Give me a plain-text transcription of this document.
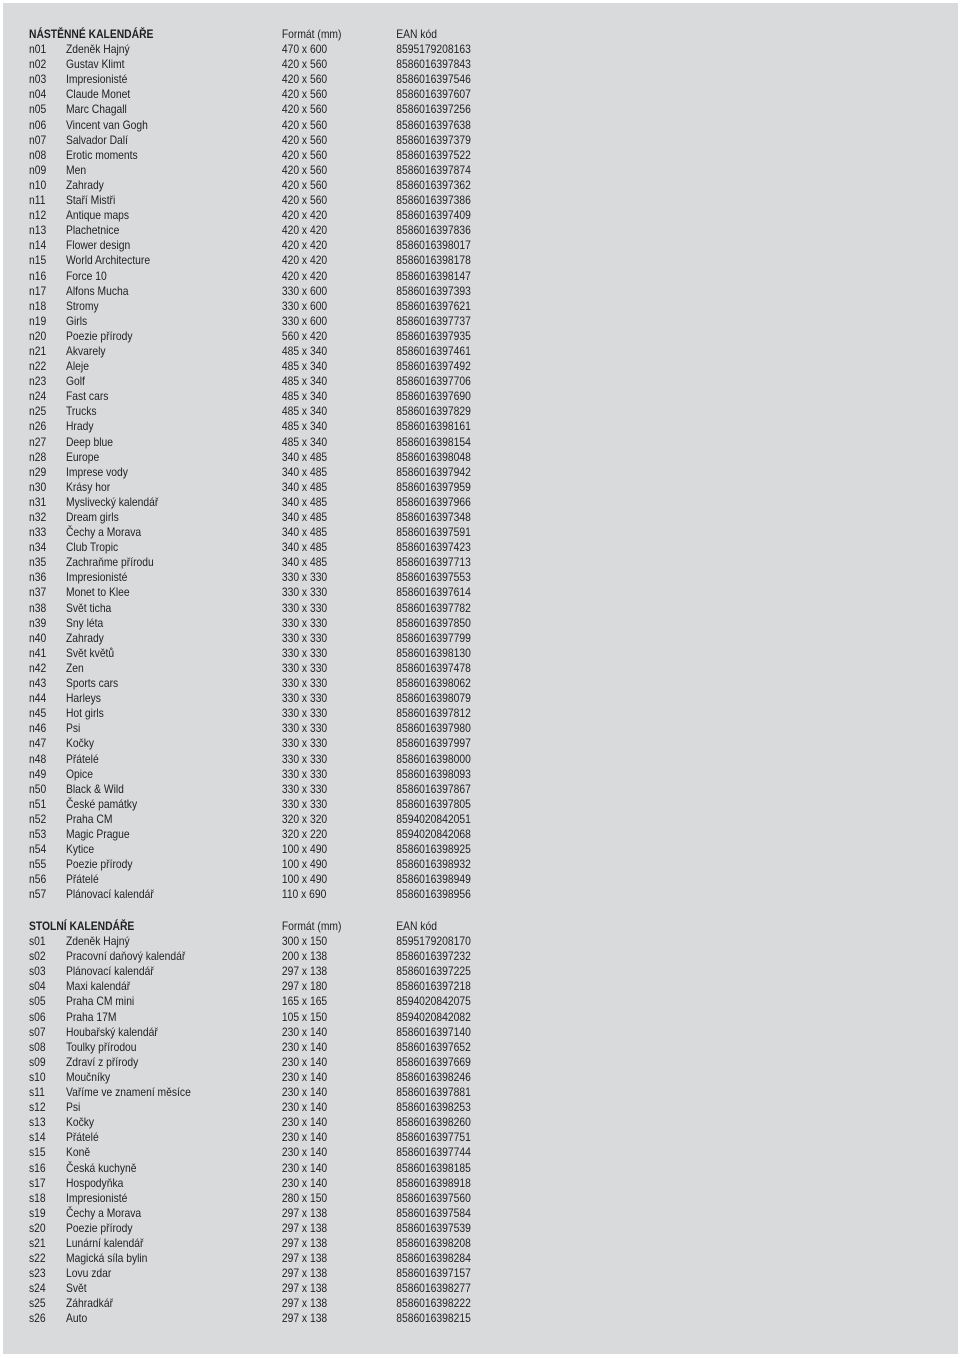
NÁSTĚNNÉ KALENDÁŘE	Formát (mm)	EAN kód
n01 Zdeněk Hajný	470 x 600	8595179208163
n02 Gustav Klimt	420 x 560	8586016397843
n03 Impresionisté	420 x 560	8586016397546
n04 Claude Monet	420 x 560	8586016397607
n05 Marc Chagall	420 x 560	8586016397256
n06 Vincent van Gogh	420 x 560	8586016397638
n07 Salvador Dalí	420 x 560	8586016397379
n08 Erotic moments	420 x 560	8586016397522
n09 Men	420 x 560	8586016397874
n10 Zahrady	420 x 560	8586016397362
n11 Staří Mistři	420 x 560	8586016397386
n12 Antique maps	420 x 420	8586016397409
n13 Plachetnice	420 x 420	8586016397836
n14 Flower design	420 x 420	8586016398017
n15 World Architecture	420 x 420	8586016398178
n16 Force 10	420 x 420	8586016398147
n17 Alfons Mucha	330 x 600	8586016397393
n18 Stromy	330 x 600	8586016397621
n19 Girls	330 x 600	8586016397737
n20 Poezie přírody	560 x 420	8586016397935
n21 Akvarely	485 x 340	8586016397461
n22 Aleje	485 x 340	8586016397492
n23 Golf	485 x 340	8586016397706
n24 Fast cars	485 x 340	8586016397690
n25 Trucks	485 x 340	8586016397829
n26 Hrady	485 x 340	8586016398161
n27 Deep blue	485 x 340	8586016398154
n28 Europe	340 x 485	8586016398048
n29 Imprese vody	340 x 485	8586016397942
n30 Krásy hor	340 x 485	8586016397959
n31 Myslivecký kalendář	340 x 485	8586016397966
n32 Dream girls	340 x 485	8586016397348
n33 Čechy a Morava	340 x 485	8586016397591
n34 Club Tropic	340 x 485	8586016397423
n35 Zachraňme přírodu	340 x 485	8586016397713
n36 Impresionisté	330 x 330	8586016397553
n37 Monet to Klee	330 x 330	8586016397614
n38 Svět ticha	330 x 330	8586016397782
n39 Sny léta	330 x 330	8586016397850
n40 Zahrady	330 x 330	8586016397799
n41 Svět květů	330 x 330	8586016398130
n42 Zen	330 x 330	8586016397478
n43 Sports cars	330 x 330	8586016398062
n44 Harleys	330 x 330	8586016398079
n45 Hot girls	330 x 330	8586016397812
n46 Psi	330 x 330	8586016397980
n47 Kočky	330 x 330	8586016397997
n48 Přátelé	330 x 330	8586016398000
n49 Opice	330 x 330	8586016398093
n50 Black & Wild	330 x 330	8586016397867
n51 České památky	330 x 330	8586016397805
n52 Praha CM	320 x 320	8594020842051
n53 Magic Prague	320 x 220	8594020842068
n54 Kytice	100 x 490	8586016398925
n55 Poezie přírody	100 x 490	8586016398932
n56 Přátelé	100 x 490	8586016398949
n57 Plánovací kalendář	110 x 690	8586016398956
STOLNÍ KALENDÁŘE	Formát (mm)	EAN kód
s01 Zdeněk Hajný	300 x 150	8595179208170
s02 Pracovní daňový kalendář	200 x 138	8586016397232
s03 Plánovací kalendář	297 x 138	8586016397225
s04 Maxi kalendář	297 x 180	8586016397218
s05 Praha CM mini	165 x 165	8594020842075
s06 Praha 17M	105 x 150	8594020842082
s07 Houbařský kalendář	230 x 140	8586016397140
s08 Toulky přírodou	230 x 140	8586016397652
s09 Zdraví z přírody	230 x 140	8586016397669
s10 Moučníky	230 x 140	8586016398246
s11 Vaříme ve znamení měsíce	230 x 140	8586016397881
s12 Psi	230 x 140	8586016398253
s13 Kočky	230 x 140	8586016398260
s14 Přátelé	230 x 140	8586016397751
s15 Koně	230 x 140	8586016397744
s16 Česká kuchyně	230 x 140	8586016398185
s17 Hospodyňka	230 x 140	8586016398918
s18 Impresionisté	280 x 150	8586016397560
s19 Čechy a Morava	297 x 138	8586016397584
s20 Poezie přírody	297 x 138	8586016397539
s21 Lunární kalendář	297 x 138	8586016398208
s22 Magická síla bylin	297 x 138	8586016398284
s23 Lovu zdar	297 x 138	8586016397157
s24 Svět	297 x 138	8586016398277
s25 Záhradkář	297 x 138	8586016398222
s26 Auto	297 x 138	8586016398215
